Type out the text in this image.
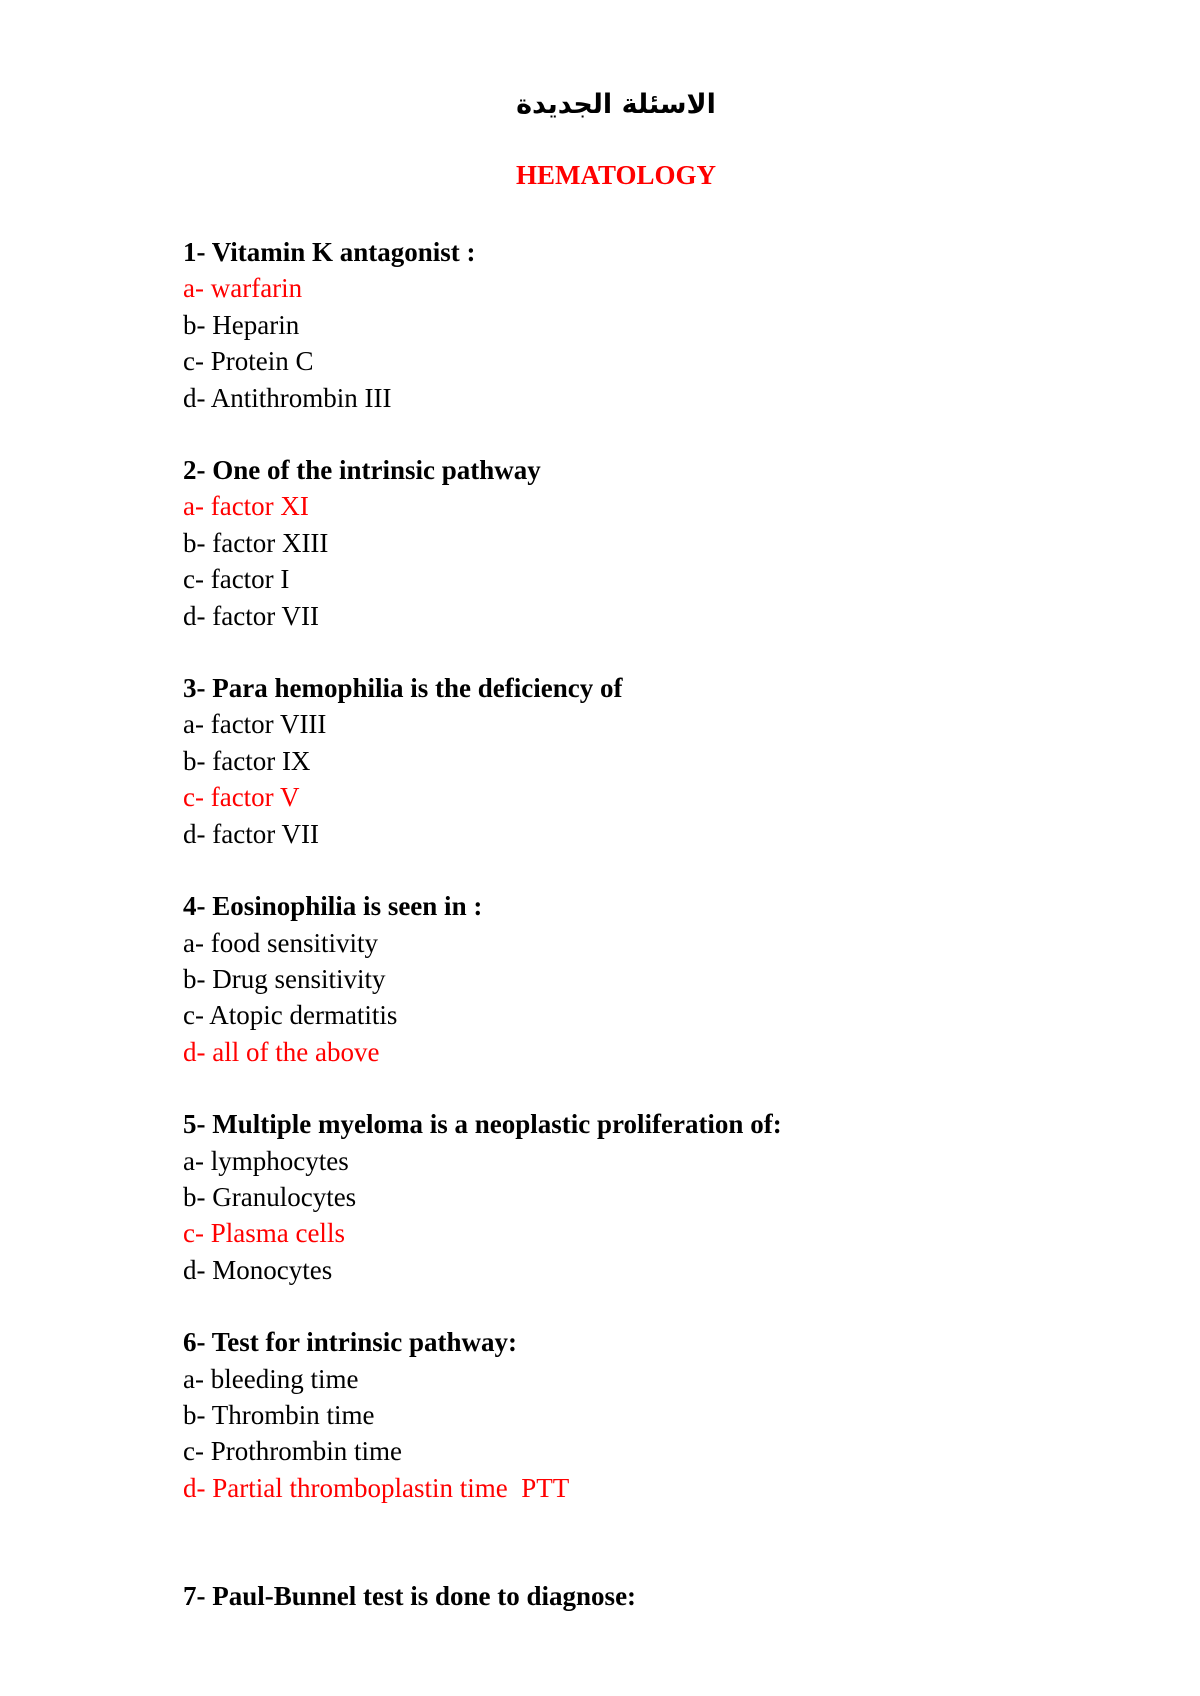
الاسئلة الجديدة
HEMATOLOGY
1- Vitamin K antagonist :
a- warfarin
b- Heparin
c- Protein C
d- Antithrombin III
2- One of the intrinsic pathway
a- factor XI
b- factor XIII
c- factor I
d- factor VII
3- Para hemophilia is the deficiency of
a- factor VIII
b- factor IX
c- factor V
d- factor VII
4- Eosinophilia is seen in :
a- food sensitivity
b- Drug sensitivity
c- Atopic dermatitis
d- all of the above
5- Multiple myeloma is a neoplastic proliferation of:
a- lymphocytes
b- Granulocytes
c- Plasma cells
d- Monocytes
6- Test for intrinsic pathway:
a- bleeding time
b- Thrombin time
c- Prothrombin time
d- Partial thromboplastin time  PTT
7- Paul-Bunnel test is done to diagnose:
